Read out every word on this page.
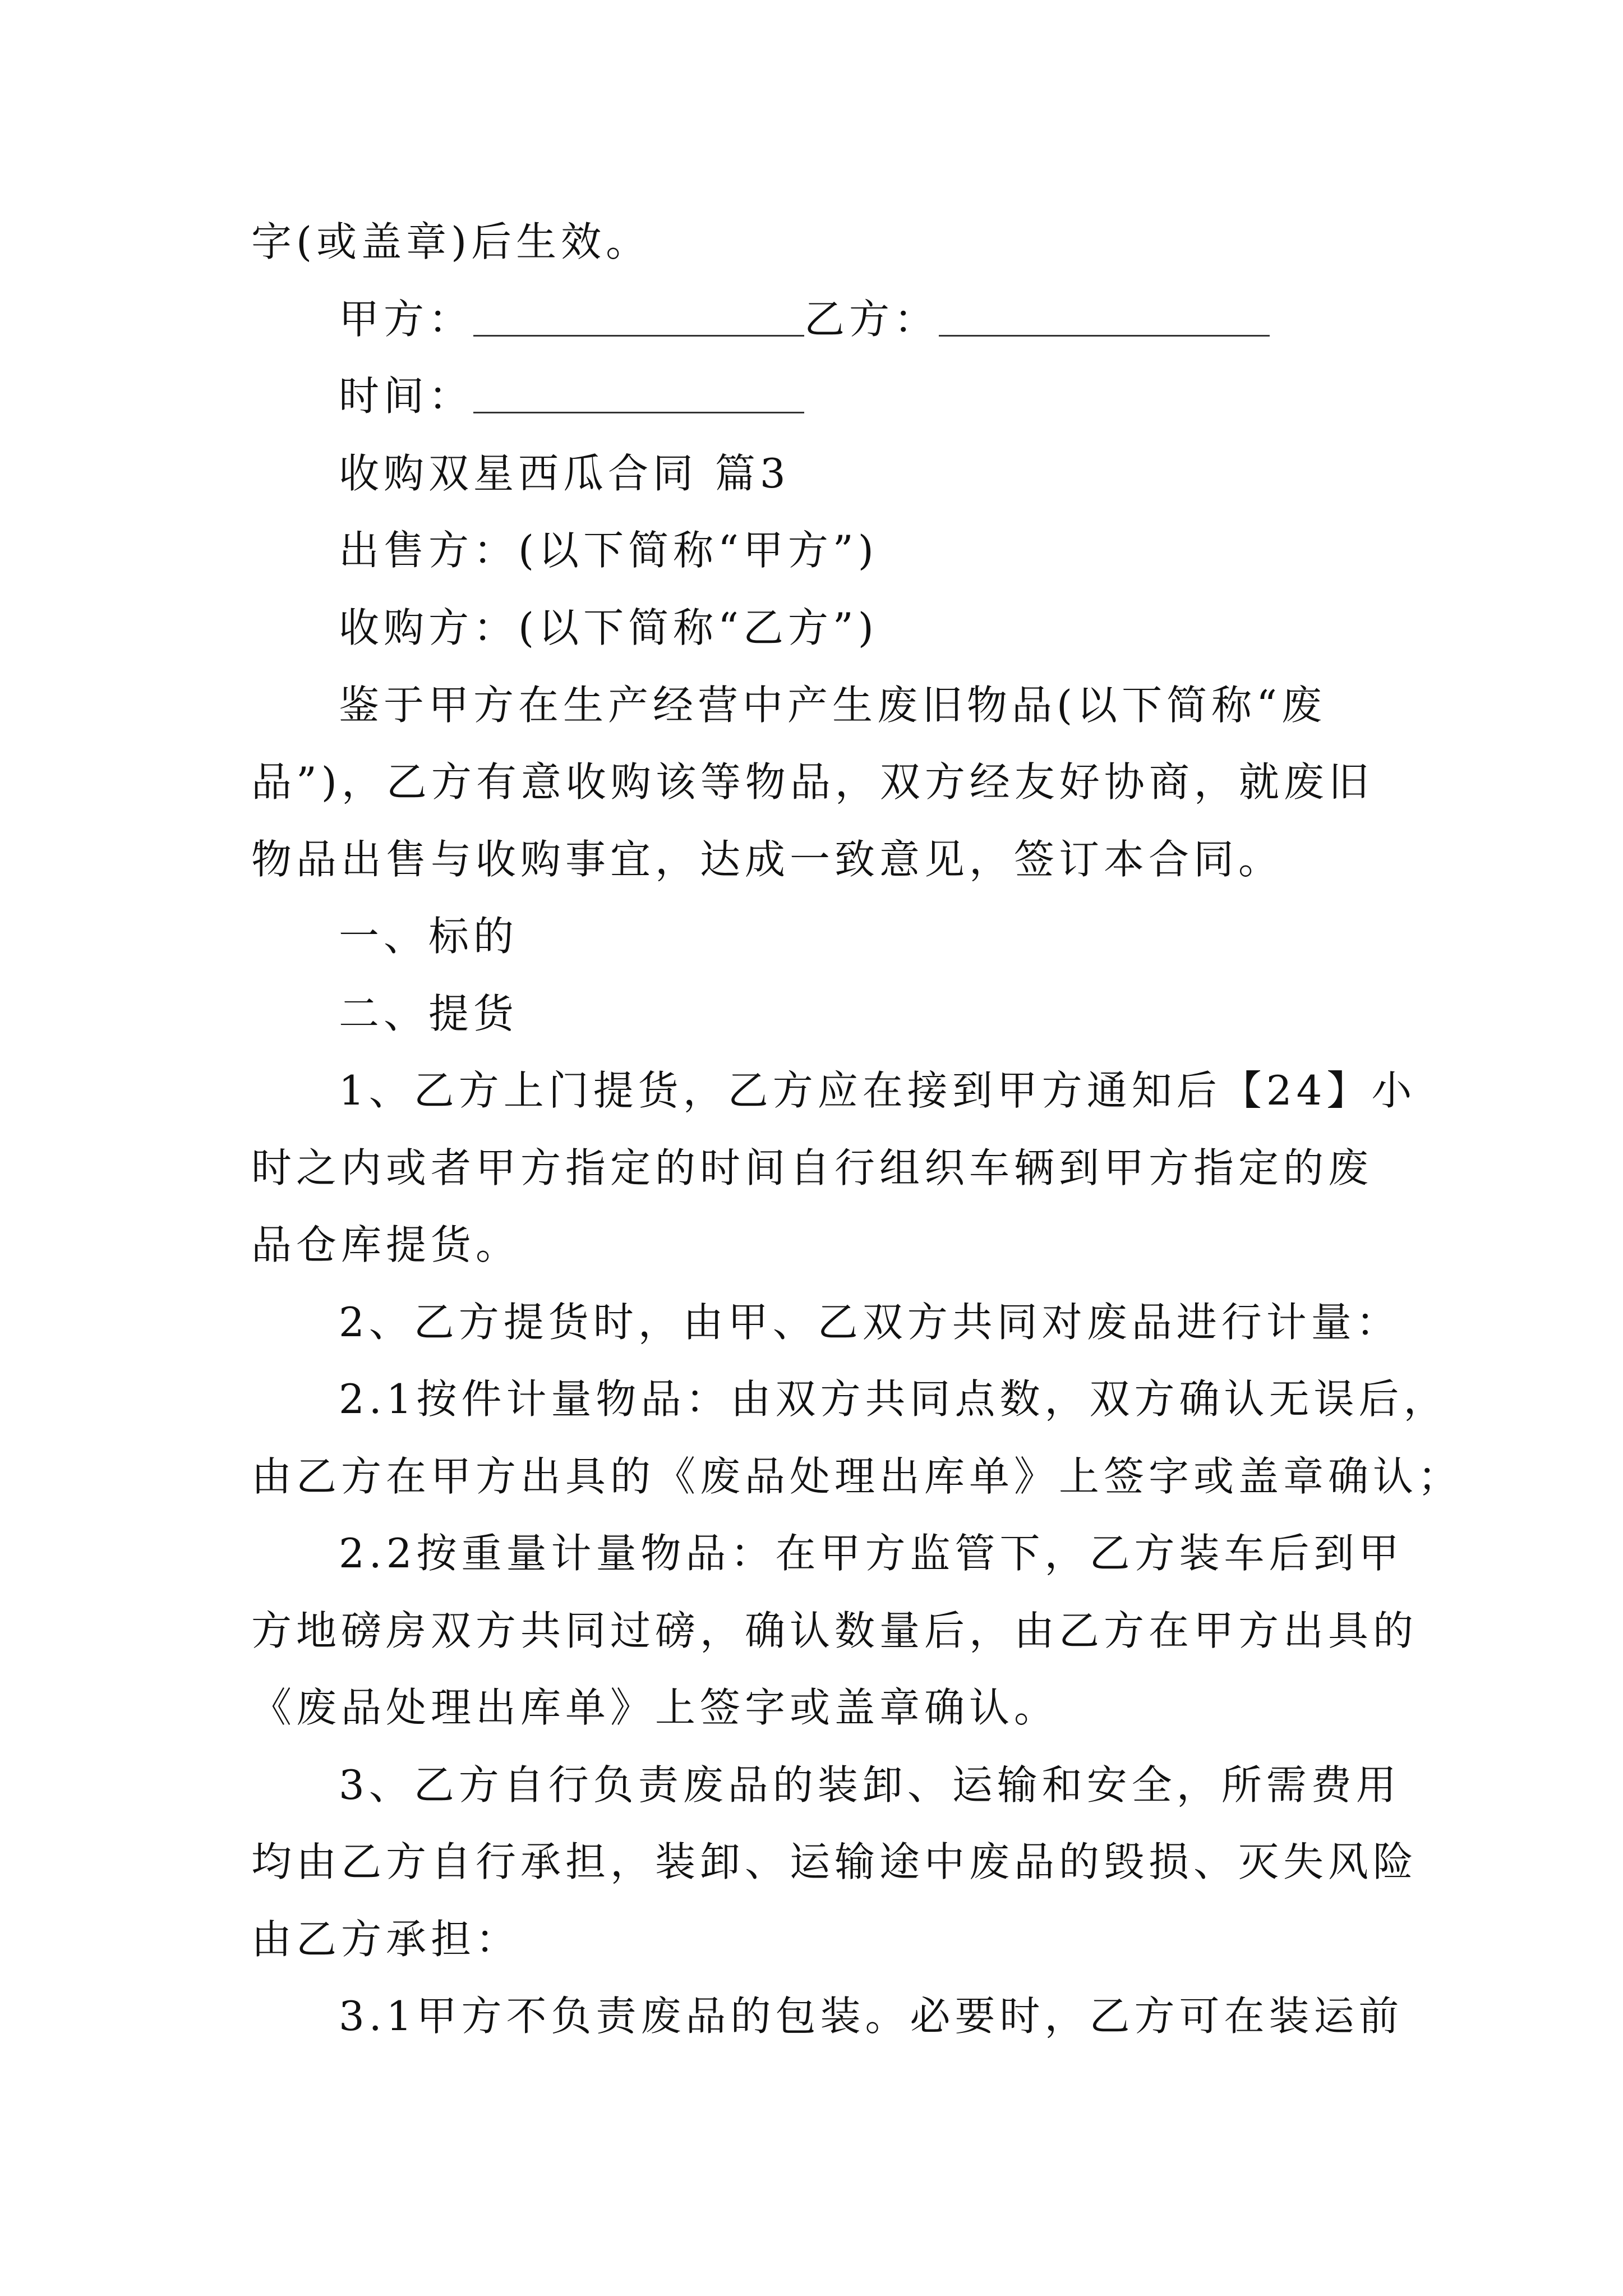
字(或盖章)后生效。
甲方：	乙方：
时间：
收购双星西瓜合同 篇3
出售方：(以下简称“甲方”)
收购方：(以下简称“乙方”)
鉴于甲方在生产经营中产生废旧物品(以下简称“废
品”)，乙方有意收购该等物品，双方经友好协商，就废旧
物品出售与收购事宜，达成一致意见，签订本合同。
一、标的
二、提货
1、乙方上门提货，乙方应在接到甲方通知后【24】小
时之内或者甲方指定的时间自行组织车辆到甲方指定的废
品仓库提货。
2、乙方提货时，由甲、乙双方共同对废品进行计量：
2.1按件计量物品：由双方共同点数，双方确认无误后，
由乙方在甲方出具的《废品处理出库单》上签字或盖章确认；
2.2按重量计量物品：在甲方监管下，乙方装车后到甲
方地磅房双方共同过磅，确认数量后，由乙方在甲方出具的
《废品处理出库单》上签字或盖章确认。
3、乙方自行负责废品的装卸、运输和安全，所需费用
均由乙方自行承担，装卸、运输途中废品的毁损、灭失风险
由乙方承担：
3.1甲方不负责废品的包装。必要时，乙方可在装运前
